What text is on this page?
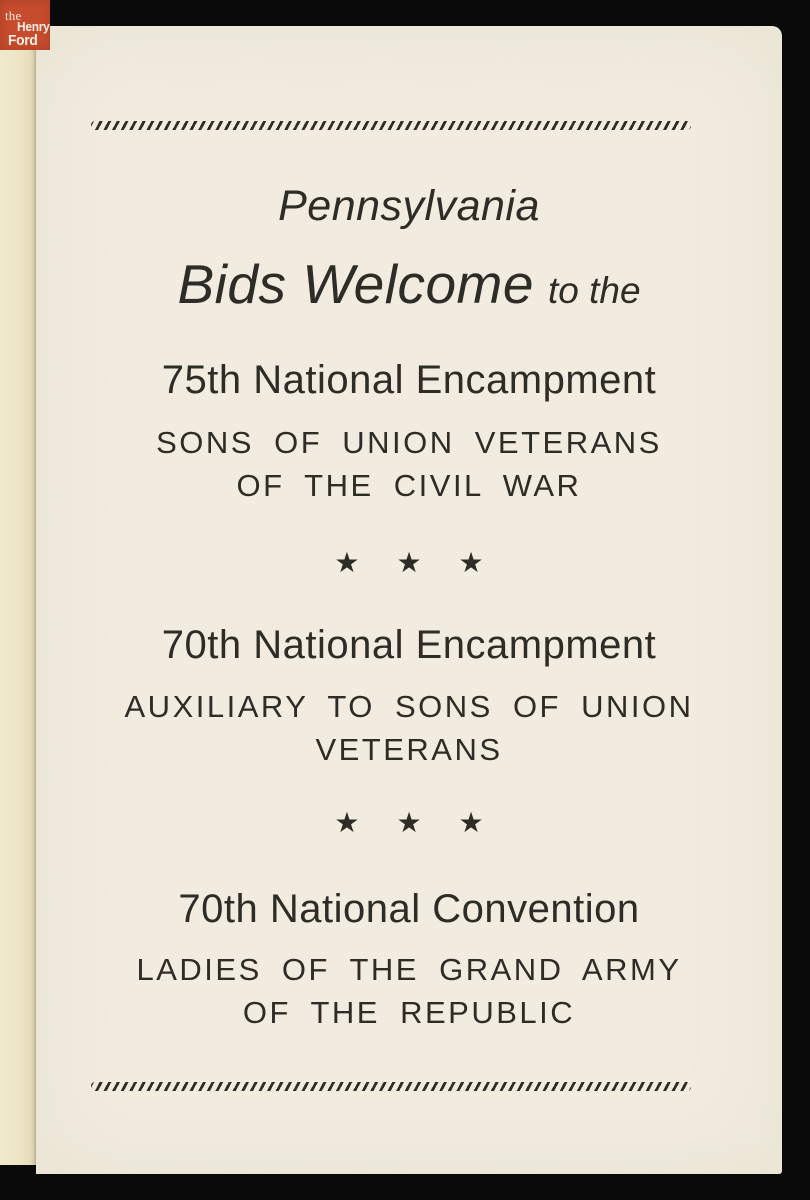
Pennsylvania
Bids Welcome to the
75th National Encampment
SONS OF UNION VETERANS
OF THE CIVIL WAR
★ ★ ★
70th National Encampment
AUXILIARY TO SONS OF UNION
VETERANS
★ ★ ★
70th National Convention
LADIES OF THE GRAND ARMY
OF THE REPUBLIC
the
Henry
Ford
